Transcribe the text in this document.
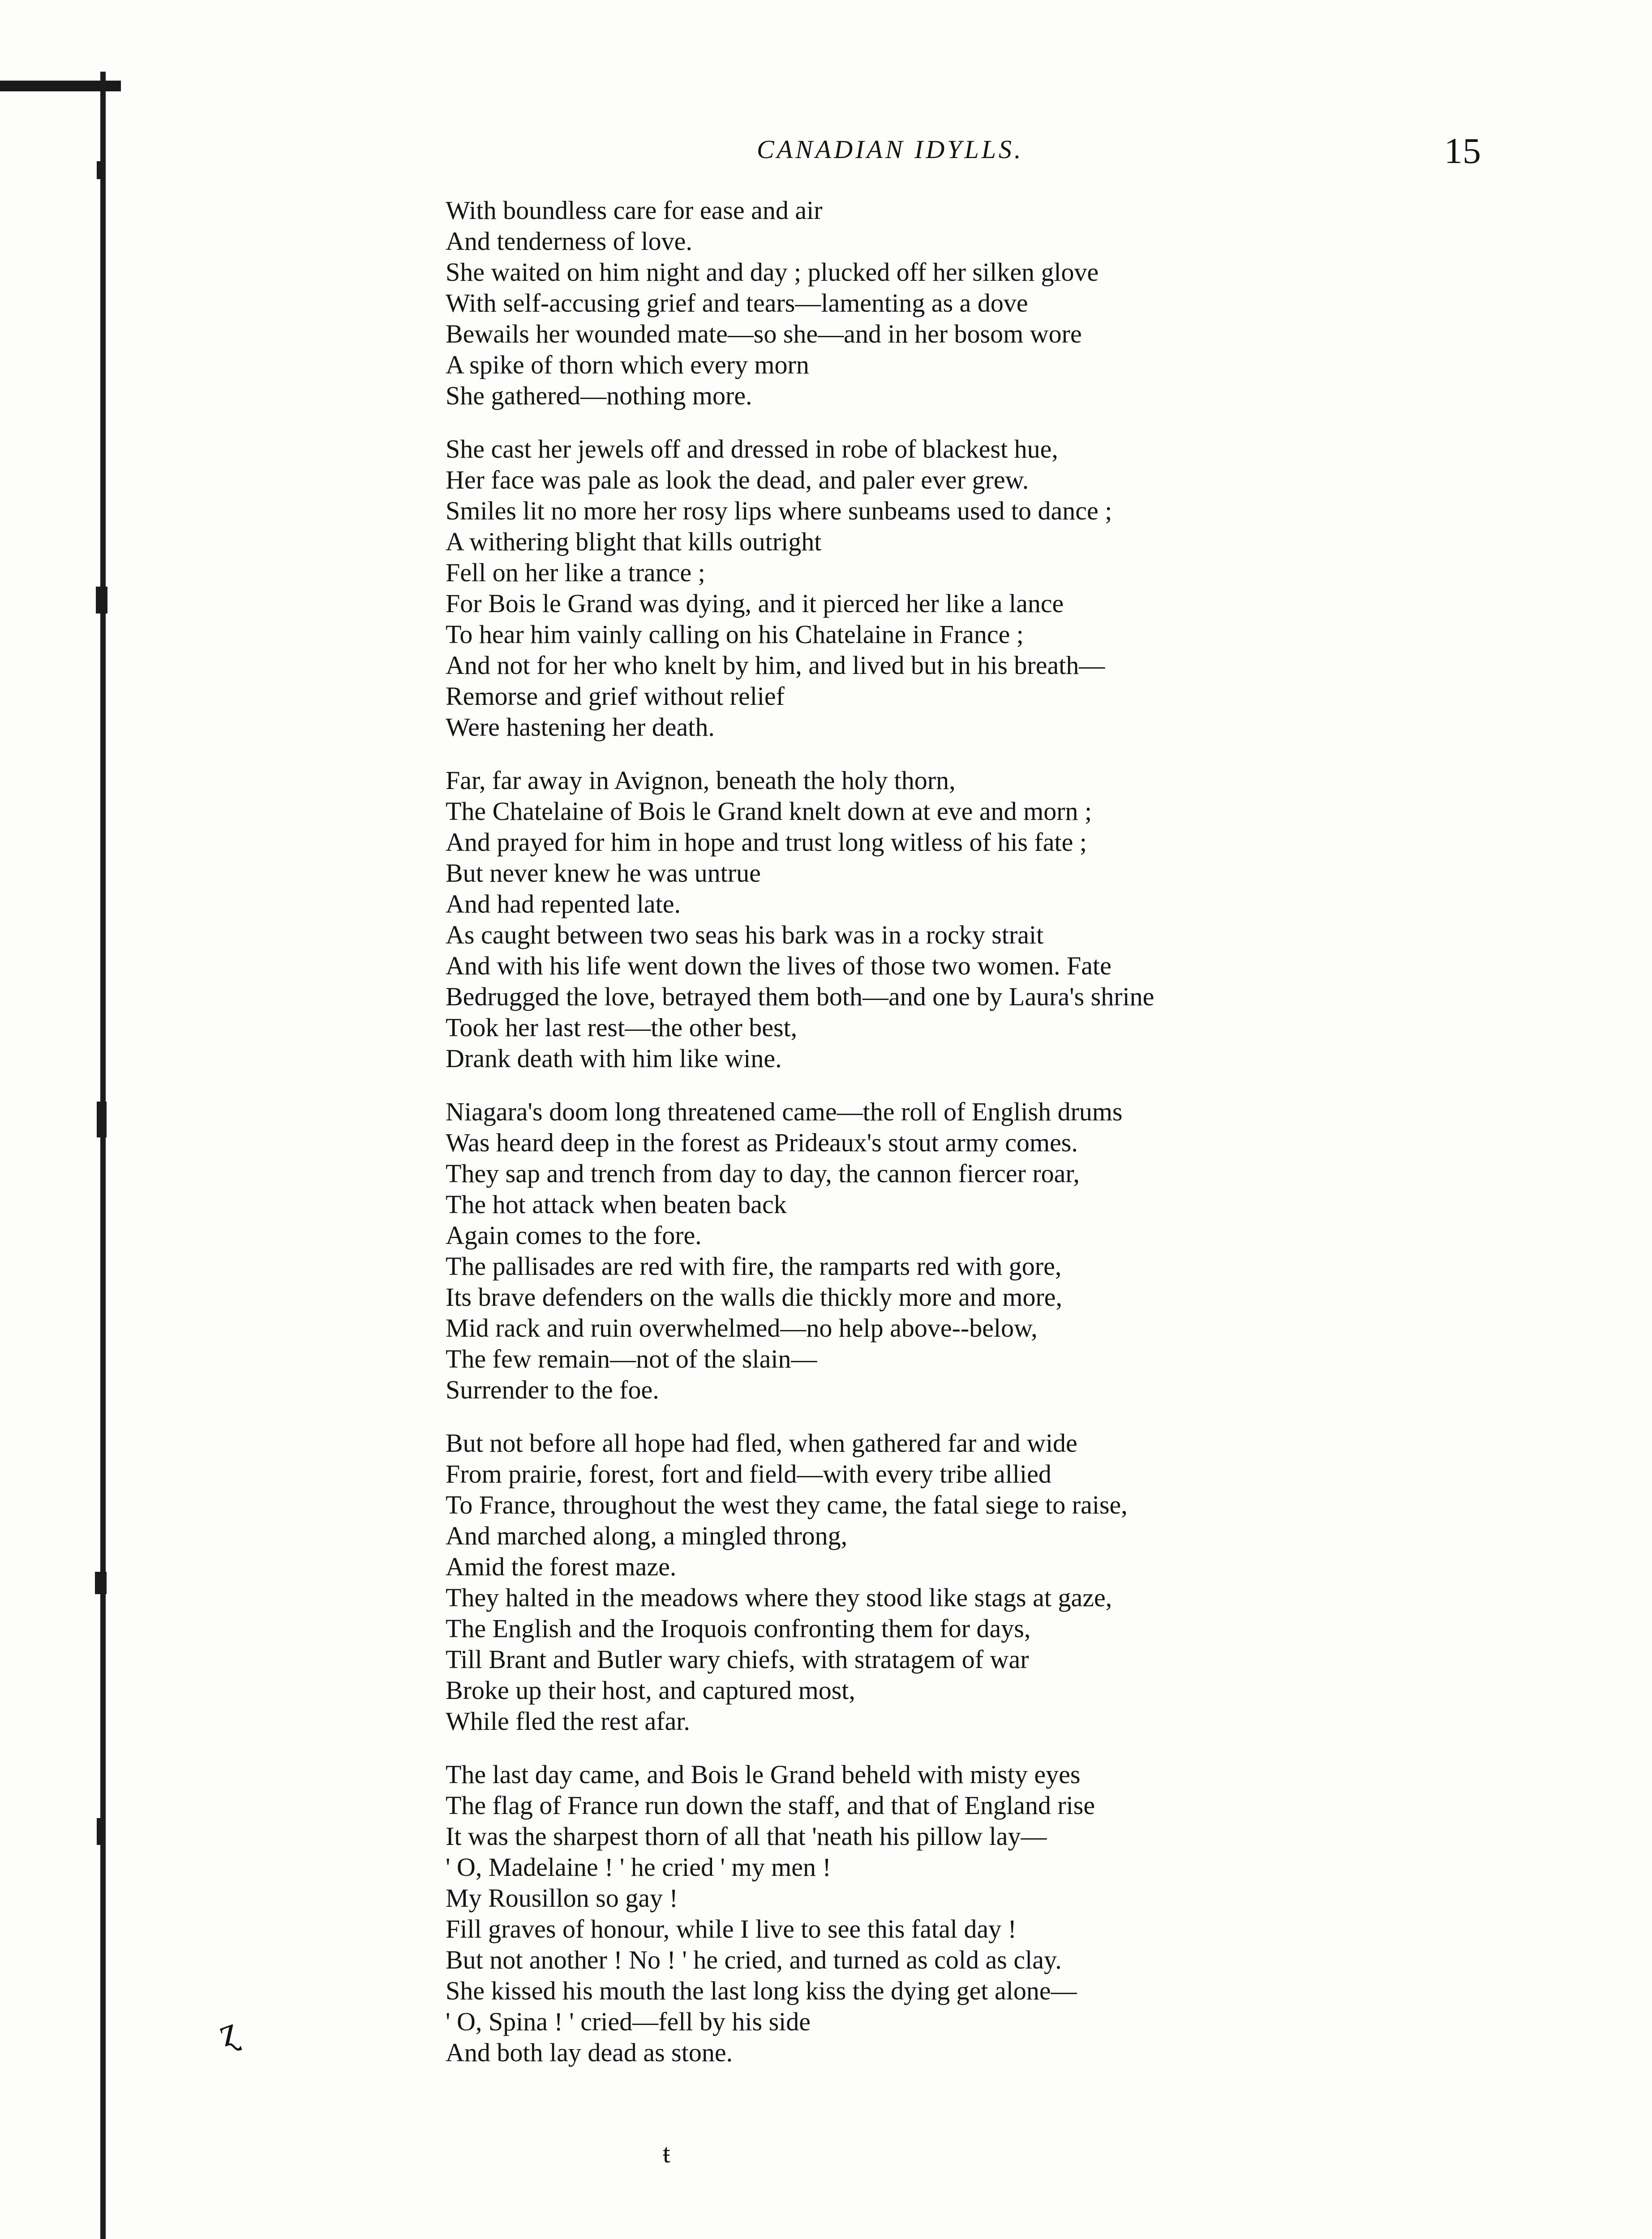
CANADIAN IDYLLS.	15
With boundless care for ease and air
And tenderness of love.
She waited on him night and day ; plucked off her silken glove
With self-accusing grief and tears—lamenting as a dove
Bewails her wounded mate—so she—and in her bosom wore
A spike of thorn which every morn
She gathered—nothing more.
She cast her jewels off and dressed in robe of blackest hue,
Her face was pale as look the dead, and paler ever grew.
Smiles lit no more her rosy lips where sunbeams used to dance ;
A withering blight that kills outright
Fell on her like a trance ;
For Bois le Grand was dying, and it pierced her like a lance
To hear him vainly calling on his Chatelaine in France ;
And not for her who knelt by him, and lived but in his breath—
Remorse and grief without relief
Were hastening her death.
Far, far away in Avignon, beneath the holy thorn,
The Chatelaine of Bois le Grand knelt down at eve and morn ;
And prayed for him in hope and trust long witless of his fate ;
But never knew he was untrue
And had repented late.
As caught between two seas his bark was in a rocky strait
And with his life went down the lives of those two women. Fate
Bedrugged the love, betrayed them both—and one by Laura's shrine
Took her last rest—the other best,
Drank death with him like wine.
Niagara's doom long threatened came—the roll of English drums
Was heard deep in the forest as Prideaux's stout army comes.
They sap and trench from day to day, the cannon fiercer roar,
The hot attack when beaten back
Again comes to the fore.
The pallisades are red with fire, the ramparts red with gore,
Its brave defenders on the walls die thickly more and more,
Mid rack and ruin overwhelmed—no help above--below,
The few remain—not of the slain—
Surrender to the foe.
But not before all hope had fled, when gathered far and wide
From prairie, forest, fort and field—with every tribe allied
To France, throughout the west they came, the fatal siege to raise,
And marched along, a mingled throng,
Amid the forest maze.
They halted in the meadows where they stood like stags at gaze,
The English and the Iroquois confronting them for days,
Till Brant and Butler wary chiefs, with stratagem of war
Broke up their host, and captured most,
While fled the rest afar.
The last day came, and Bois le Grand beheld with misty eyes
The flag of France run down the staff, and that of England rise
It was the sharpest thorn of all that 'neath his pillow lay—
' O, Madelaine ! ' he cried ' my men !
My Rousillon so gay !
Fill graves of honour, while I live to see this fatal day !
But not another ! No ! ' he cried, and turned as cold as clay.
She kissed his mouth the last long kiss the dying get alone—
' O, Spina ! ' cried—fell by his side
And both lay dead as stone.
ɀ
ŧ
